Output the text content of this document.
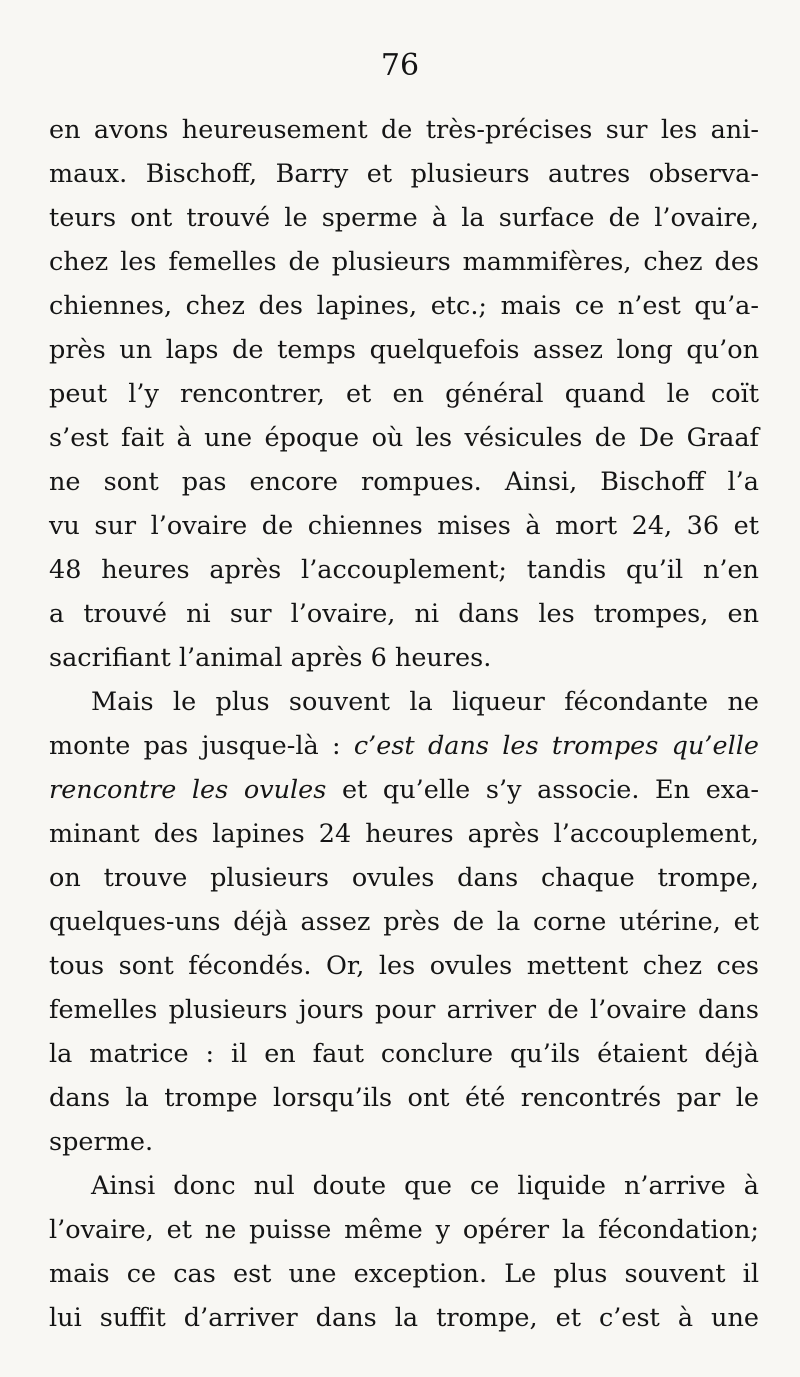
76
en avons heureusement de très-précises sur les ani-
maux. Bischoff, Barry et plusieurs autres observa-
teurs ont trouvé le sperme à la surface de l’ovaire,
chez les femelles de plusieurs mammifères, chez des
chiennes, chez des lapines, etc.; mais ce n’est qu’a-
près un laps de temps quelquefois assez long qu’on
peut l’y rencontrer, et en général quand le coït
s’est fait à une époque où les vésicules de De Graaf
ne sont pas encore rompues. Ainsi, Bischoff l’a
vu sur l’ovaire de chiennes mises à mort 24, 36 et
48 heures après l’accouplement; tandis qu’il n’en
a trouvé ni sur l’ovaire, ni dans les trompes, en
sacrifiant l’animal après 6 heures.
Mais le plus souvent la liqueur fécondante ne
monte pas jusque-là : c’est dans les trompes qu’elle
rencontre les ovules et qu’elle s’y associe. En exa-
minant des lapines 24 heures après l’accouplement,
on trouve plusieurs ovules dans chaque trompe,
quelques-uns déjà assez près de la corne utérine, et
tous sont fécondés. Or, les ovules mettent chez ces
femelles plusieurs jours pour arriver de l’ovaire dans
la matrice : il en faut conclure qu’ils étaient déjà
dans la trompe lorsqu’ils ont été rencontrés par le
sperme.
Ainsi donc nul doute que ce liquide n’arrive à
l’ovaire, et ne puisse même y opérer la fécondation;
mais ce cas est une exception. Le plus souvent il
lui suffit d’arriver dans la trompe, et c’est à une
